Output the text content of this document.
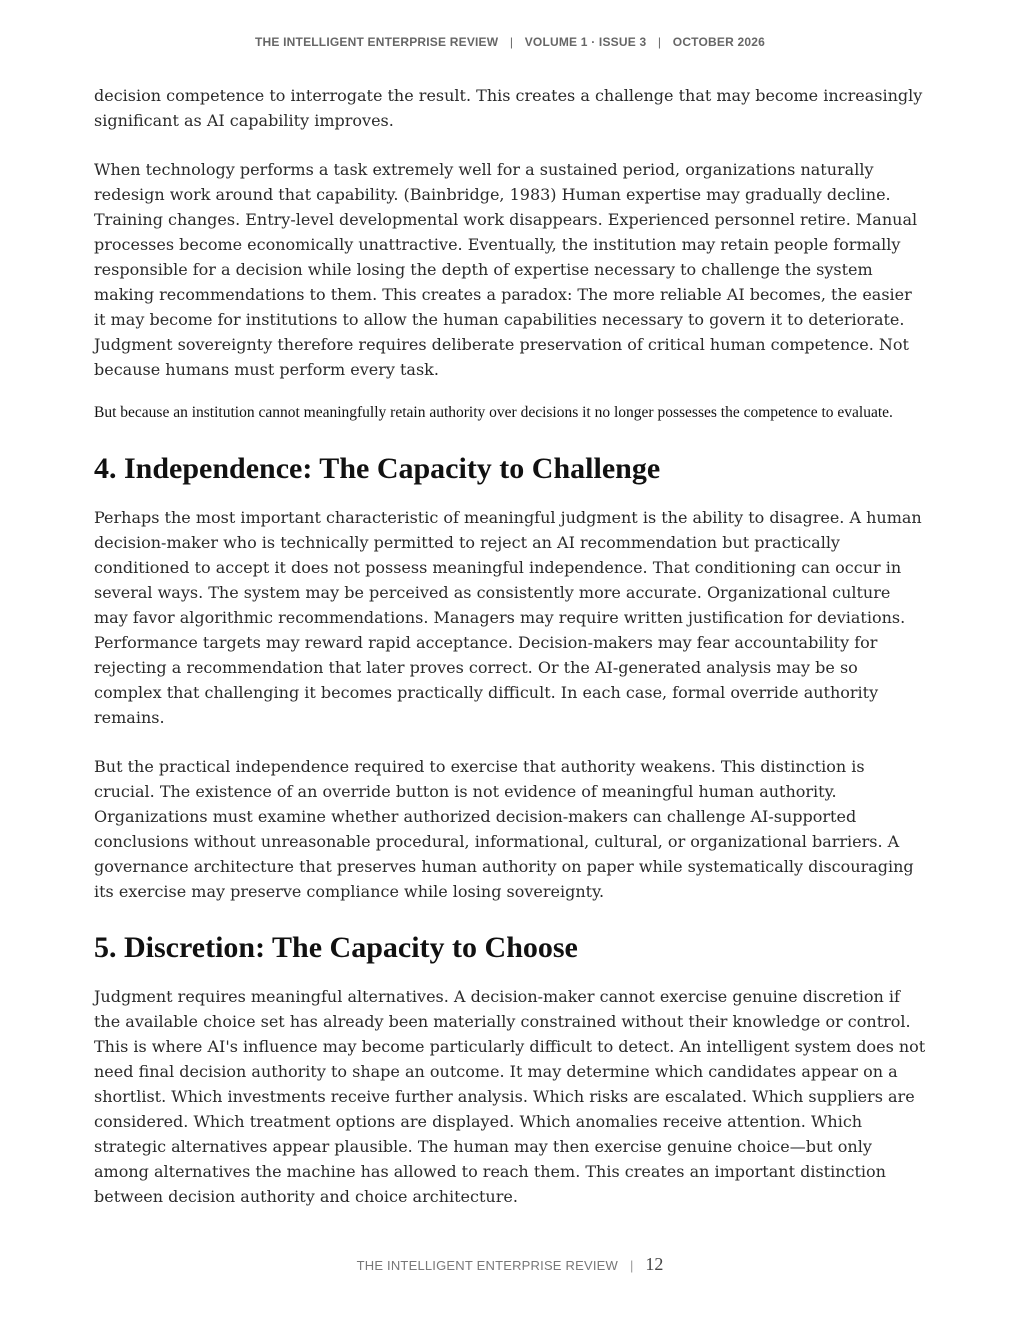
THE INTELLIGENT ENTERPRISE REVIEW | VOLUME 1 · ISSUE 3 | OCTOBER 2026

decision competence to interrogate the result. This creates a challenge that may become increasingly significant as AI capability improves.

When technology performs a task extremely well for a sustained period, organizations naturally redesign work around that capability. (Bainbridge, 1983) Human expertise may gradually decline. Training changes. Entry-level developmental work disappears. Experienced personnel retire. Manual processes become economically unattractive. Eventually, the institution may retain people formally responsible for a decision while losing the depth of expertise necessary to challenge the system making recommendations to them. This creates a paradox: The more reliable AI becomes, the easier it may become for institutions to allow the human capabilities necessary to govern it to deteriorate. Judgment sovereignty therefore requires deliberate preservation of critical human competence. Not because humans must perform every task.

But because an institution cannot meaningfully retain authority over decisions it no longer possesses the competence to evaluate.

4. Independence: The Capacity to Challenge

Perhaps the most important characteristic of meaningful judgment is the ability to disagree. A human decision-maker who is technically permitted to reject an AI recommendation but practically conditioned to accept it does not possess meaningful independence. That conditioning can occur in several ways. The system may be perceived as consistently more accurate. Organizational culture may favor algorithmic recommendations. Managers may require written justification for deviations. Performance targets may reward rapid acceptance. Decision-makers may fear accountability for rejecting a recommendation that later proves correct. Or the AI-generated analysis may be so complex that challenging it becomes practically difficult. In each case, formal override authority remains.

But the practical independence required to exercise that authority weakens. This distinction is crucial. The existence of an override button is not evidence of meaningful human authority. Organizations must examine whether authorized decision-makers can challenge AI-supported conclusions without unreasonable procedural, informational, cultural, or organizational barriers. A governance architecture that preserves human authority on paper while systematically discouraging its exercise may preserve compliance while losing sovereignty.

5. Discretion: The Capacity to Choose

Judgment requires meaningful alternatives. A decision-maker cannot exercise genuine discretion if the available choice set has already been materially constrained without their knowledge or control. This is where AI's influence may become particularly difficult to detect. An intelligent system does not need final decision authority to shape an outcome. It may determine which candidates appear on a shortlist. Which investments receive further analysis. Which risks are escalated. Which suppliers are considered. Which treatment options are displayed. Which anomalies receive attention. Which strategic alternatives appear plausible. The human may then exercise genuine choice—but only among alternatives the machine has allowed to reach them. This creates an important distinction between decision authority and choice architecture.

THE INTELLIGENT ENTERPRISE REVIEW | 12
